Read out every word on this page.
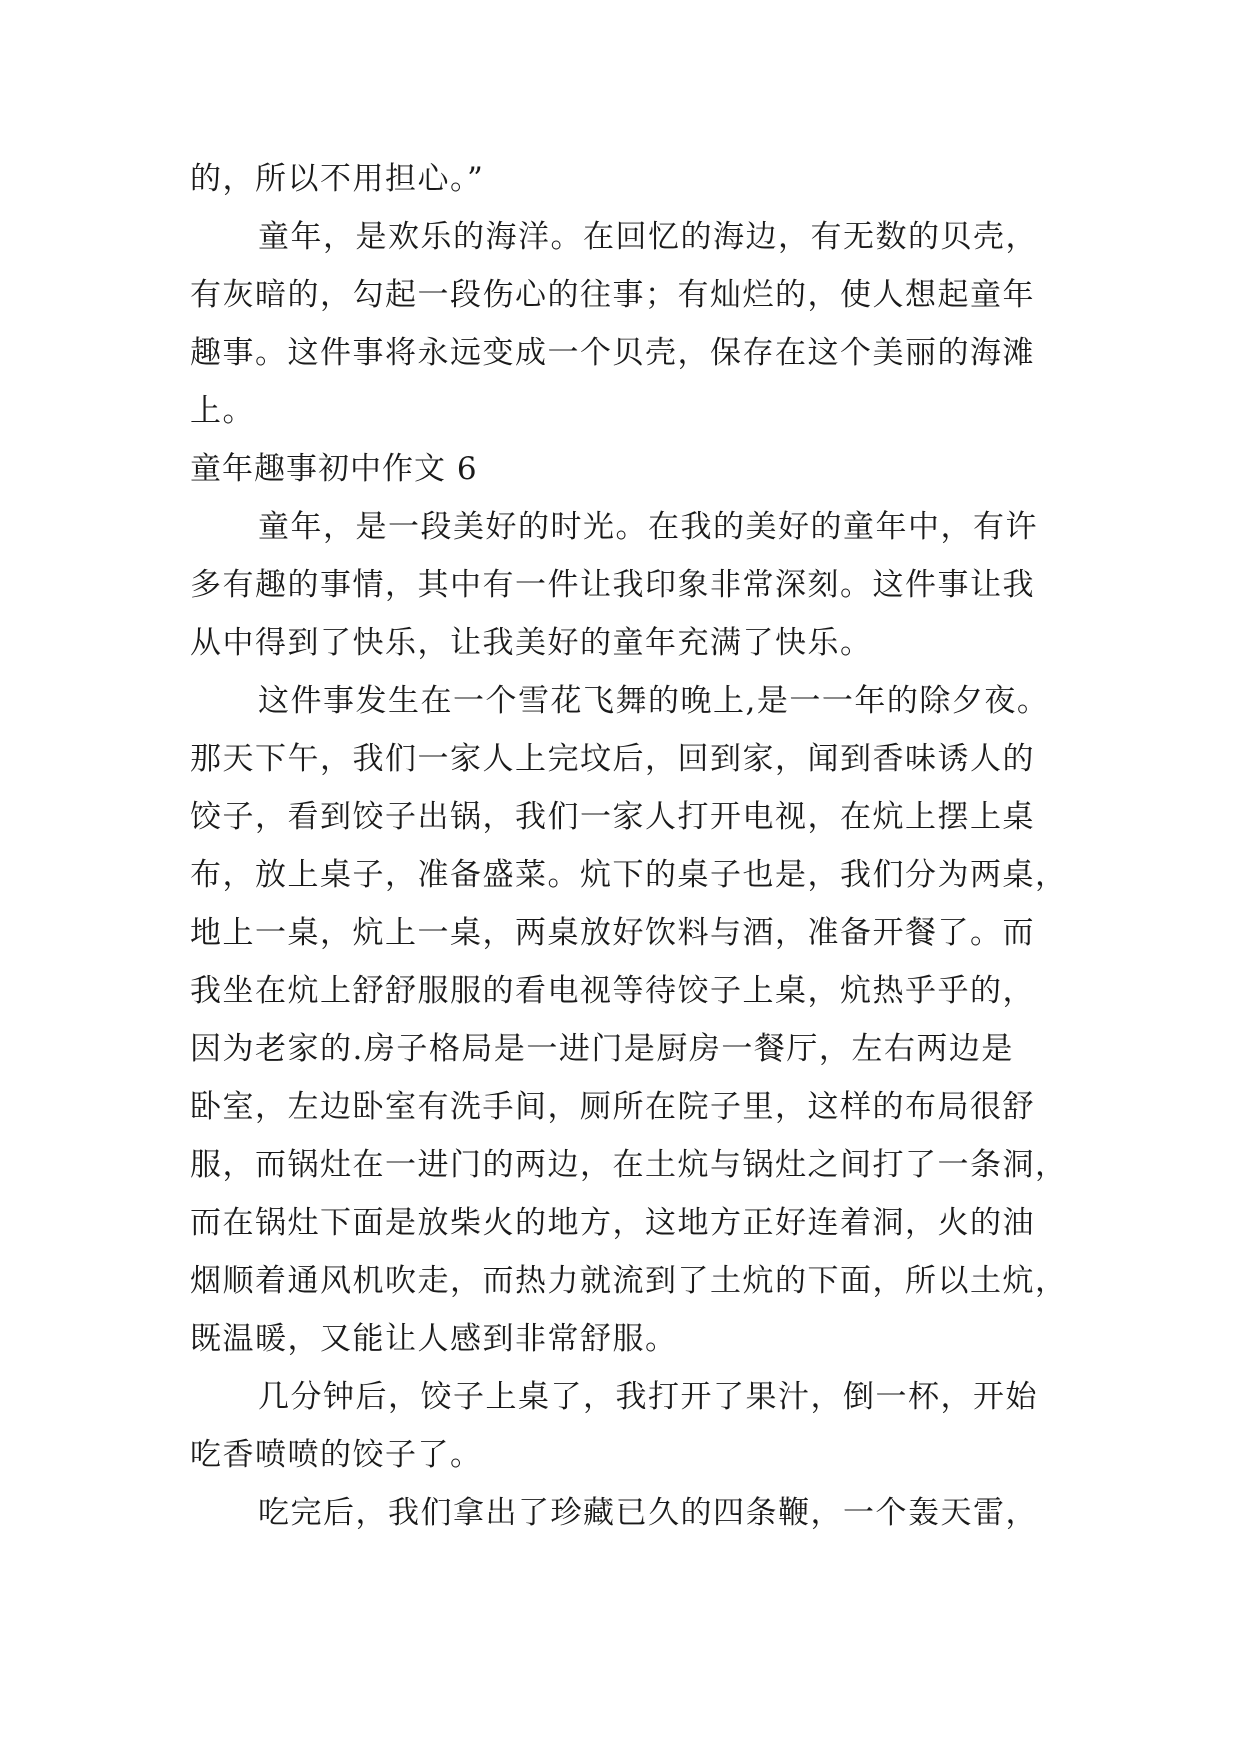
的，所以不用担心。”
童年，是欢乐的海洋。在回忆的海边，有无数的贝壳，
有灰暗的，勾起一段伤心的往事；有灿烂的，使人想起童年
趣事。这件事将永远变成一个贝壳，保存在这个美丽的海滩
上。
童年趣事初中作文 6
童年，是一段美好的时光。在我的美好的童年中，有许
多有趣的事情，其中有一件让我印象非常深刻。这件事让我
从中得到了快乐，让我美好的童年充满了快乐。
这件事发生在一个雪花飞舞的晚上,是一一年的除夕夜。
那天下午，我们一家人上完坟后，回到家，闻到香味诱人的
饺子，看到饺子出锅，我们一家人打开电视，在炕上摆上桌
布，放上桌子，准备盛菜。炕下的桌子也是，我们分为两桌，
地上一桌，炕上一桌，两桌放好饮料与酒，准备开餐了。而
我坐在炕上舒舒服服的看电视等待饺子上桌，炕热乎乎的，
因为老家的.房子格局是一进门是厨房一餐厅，左右两边是
卧室，左边卧室有洗手间，厕所在院子里，这样的布局很舒
服，而锅灶在一进门的两边，在土炕与锅灶之间打了一条洞，
而在锅灶下面是放柴火的地方，这地方正好连着洞，火的油
烟顺着通风机吹走，而热力就流到了土炕的下面，所以土炕，
既温暖，又能让人感到非常舒服。
几分钟后，饺子上桌了，我打开了果汁，倒一杯，开始
吃香喷喷的饺子了。
吃完后，我们拿出了珍藏已久的四条鞭，一个轰天雷，
